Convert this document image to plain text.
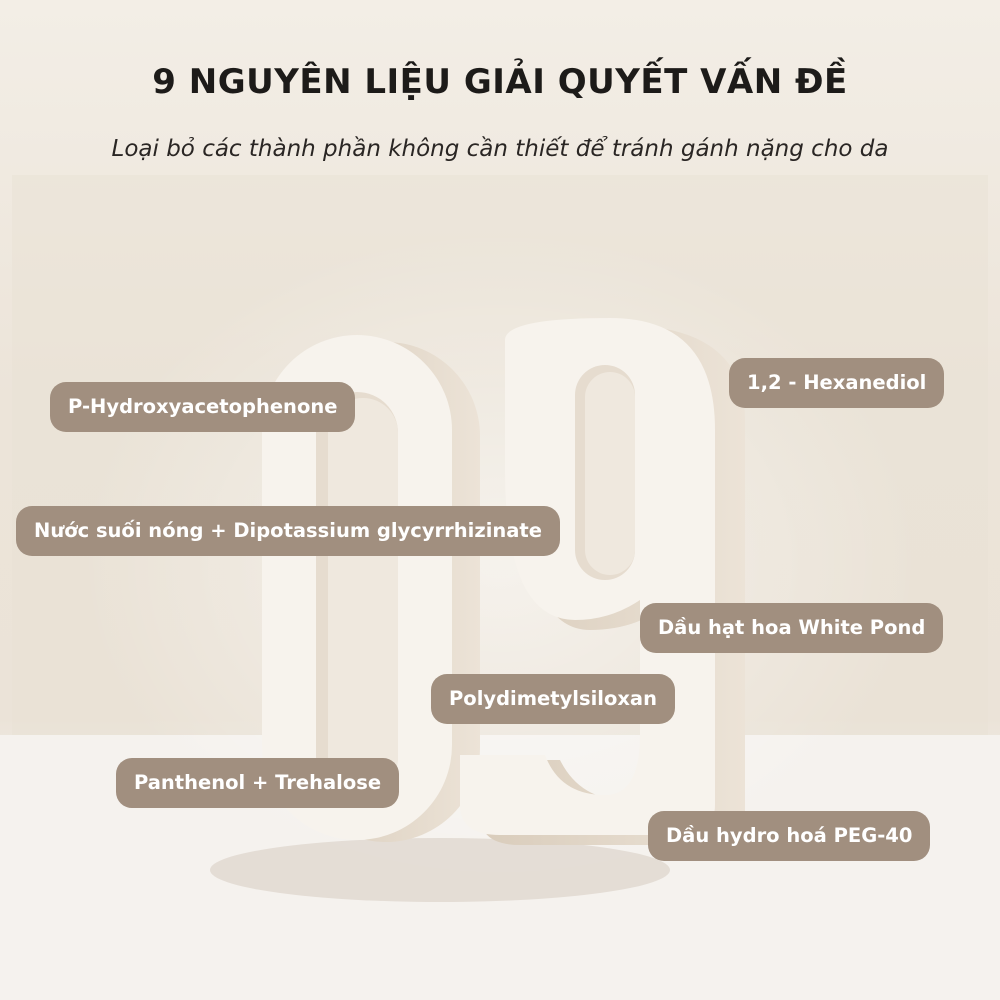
9 NGUYÊN LIỆU GIẢI QUYẾT VẤN ĐỀ

Loại bỏ các thành phần không cần thiết để tránh gánh nặng cho da

P-Hydroxyacetophenone
1,2 - Hexanediol
Nước suối nóng + Dipotassium glycyrrhizinate
Dầu hạt hoa White Pond
Polydimetylsiloxan
Panthenol + Trehalose
Dầu hydro hoá PEG-40
